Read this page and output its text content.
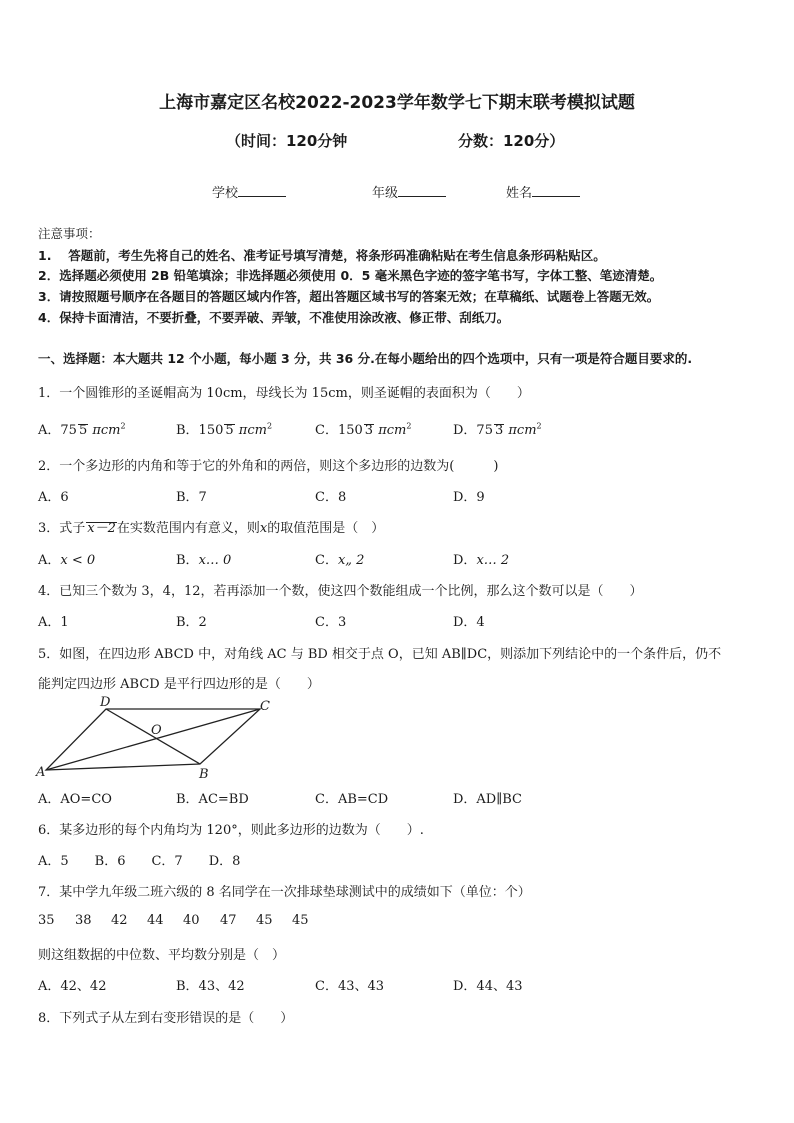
上海市嘉定区名校2022-2023学年数学七下期末联考模拟试题
（时间：120分钟	分数：120分）
学校	年级	姓名
注意事项：
1.　 答题前，考生先将自己的姓名、准考证号填写清楚，将条形码准确粘贴在考生信息条形码粘贴区。
2．选择题必须使用 2B 铅笔填涂；非选择题必须使用 0．5 毫米黑色字迹的签字笔书写，字体工整、笔迹清楚。
3．请按照题号顺序在各题目的答题区域内作答，超出答题区域书写的答案无效；在草稿纸、试题卷上答题无效。
4．保持卡面清洁，不要折叠，不要弄破、弄皱，不准使用涂改液、修正带、刮纸刀。
一、选择题：本大题共 12 个小题，每小题 3 分，共 36 分.在每小题给出的四个选项中，只有一项是符合题目要求的.
1．一个圆锥形的圣诞帽高为 10cm，母线长为 15cm，则圣诞帽的表面积为（　　）
A．75 5 πcm$^2$	B．150 5 πcm$^2$	C．150 3 πcm$^2$	D．75 3 πcm$^2$
2．一个多边形的内角和等于它的外角和的两倍，则这个多边形的边数为(　　　)
A．6	B．7	C．8	D．9
3．式子 x－2在实数范围内有意义，则x的取值范围是（　）
A．x < 0	B．x… 0	C．x„ 2	D．x… 2
4．已知三个数为 3，4，12，若再添加一个数，使这四个数能组成一个比例，那么这个数可以是（　　）
A．1	B．2	C．3	D．4
5．如图，在四边形 ABCD 中，对角线 AC 与 BD 相交于点 O，已知 AB∥DC，则添加下列结论中的一个条件后，仍不
能判定四边形 ABCD 是平行四边形的是（　　）
D	C
O
A	B
A．AO=CO	B．AC=BD	C．AB=CD	D．AD∥BC
6．某多边形的每个内角均为 120°，则此多边形的边数为（　　）.
A．5　　B．6　　C．7　　D．8
7．某中学九年级二班六级的 8 名同学在一次排球垫球测试中的成绩如下（单位：个）
35 38 42 44 40 47 45 45
则这组数据的中位数、平均数分别是（　）
A．42、42	B．43、42	C．43、43	D．44、43
8．下列式子从左到右变形错误的是（　　）
